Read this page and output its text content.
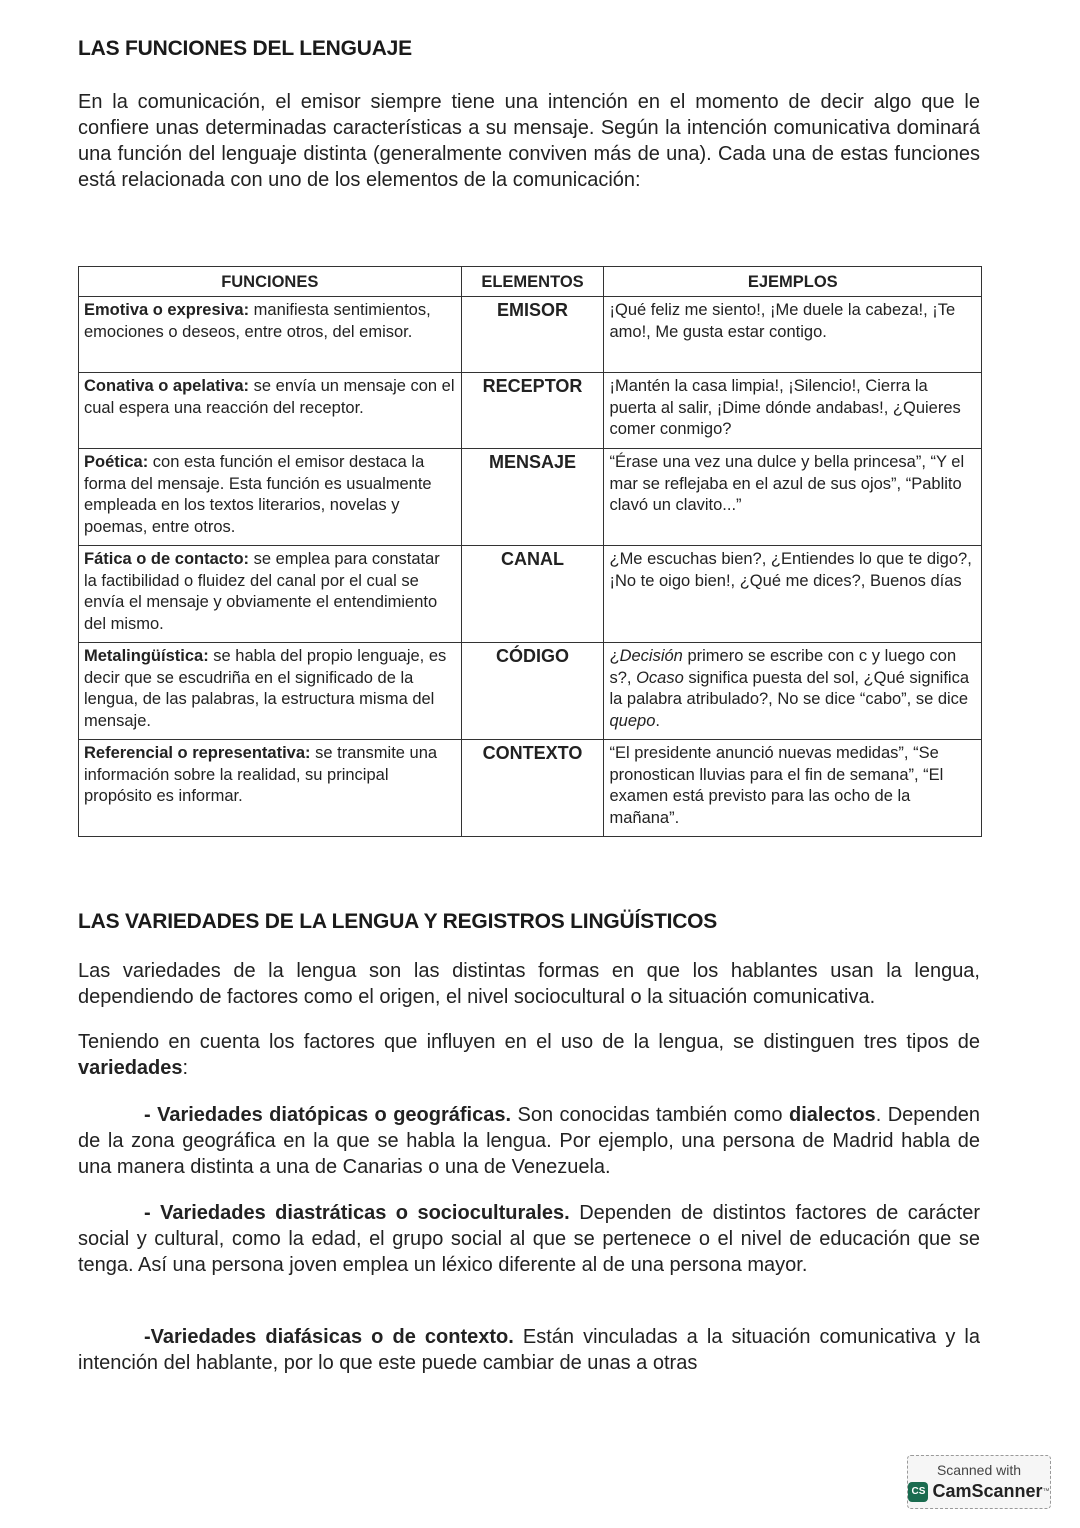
LAS FUNCIONES DEL LENGUAJE

En la comunicación, el emisor siempre tiene una intención en el momento de decir algo que le confiere unas determinadas características a su mensaje. Según la intención comunicativa dominará una función del lenguaje distinta (generalmente conviven más de una). Cada una de estas funciones está relacionada con uno de los elementos de la comunicación:

FUNCIONES	ELEMENTOS	EJEMPLOS
Emotiva o expresiva: manifiesta sentimientos, emociones o deseos, entre otros, del emisor.	EMISOR	¡Qué feliz me siento!, ¡Me duele la cabeza!, ¡Te amo!, Me gusta estar contigo.
Conativa o apelativa: se envía un mensaje con el cual espera una reacción del receptor.	RECEPTOR	¡Mantén la casa limpia!, ¡Silencio!, Cierra la puerta al salir, ¡Dime dónde andabas!, ¿Quieres comer conmigo?
Poética: con esta función el emisor destaca la forma del mensaje. Esta función es usualmente empleada en los textos literarios, novelas y poemas, entre otros.	MENSAJE	“Érase una vez una dulce y bella princesa”, “Y el mar se reflejaba en el azul de sus ojos”, “Pablito clavó un clavito...”
Fática o de contacto: se emplea para constatar la factibilidad o fluidez del canal por el cual se envía el mensaje y obviamente el entendimiento del mismo.	CANAL	¿Me escuchas bien?, ¿Entiendes lo que te digo?, ¡No te oigo bien!, ¿Qué me dices?, Buenos días
Metalingüística: se habla del propio lenguaje, es decir que se escudriña en el significado de la lengua, de las palabras, la estructura misma del mensaje.	CÓDIGO	¿Decisión primero se escribe con c y luego con s?, Ocaso significa puesta del sol, ¿Qué significa la palabra atribulado?, No se dice “cabo”, se dice quepo.
Referencial o representativa: se transmite una información sobre la realidad, su principal propósito es informar.	CONTEXTO	“El presidente anunció nuevas medidas”, “Se pronostican lluvias para el fin de semana”, “El examen está previsto para las ocho de la mañana”.
LAS VARIEDADES DE LA LENGUA Y REGISTROS LINGÜÍSTICOS

Las variedades de la lengua son las distintas formas en que los hablantes usan la lengua, dependiendo de factores como el origen, el nivel sociocultural o la situación comunicativa.

Teniendo en cuenta los factores que influyen en el uso de la lengua, se distinguen tres tipos de variedades:

- Variedades diatópicas o geográficas. Son conocidas también como dialectos. Dependen de la zona geográfica en la que se habla la lengua. Por ejemplo, una persona de Madrid habla de una manera distinta a una de Canarias o una de Venezuela.

- Variedades diastráticas o socioculturales. Dependen de distintos factores de carácter social y cultural, como la edad, el grupo social al que se pertenece o el nivel de educación que se tenga. Así una persona joven emplea un léxico diferente al de una persona mayor.

-Variedades diafásicas o de contexto. Están vinculadas a la situación comunicativa y la intención del hablante, por lo que este puede cambiar de unas a otras

Scanned with
CS CamScanner ™
